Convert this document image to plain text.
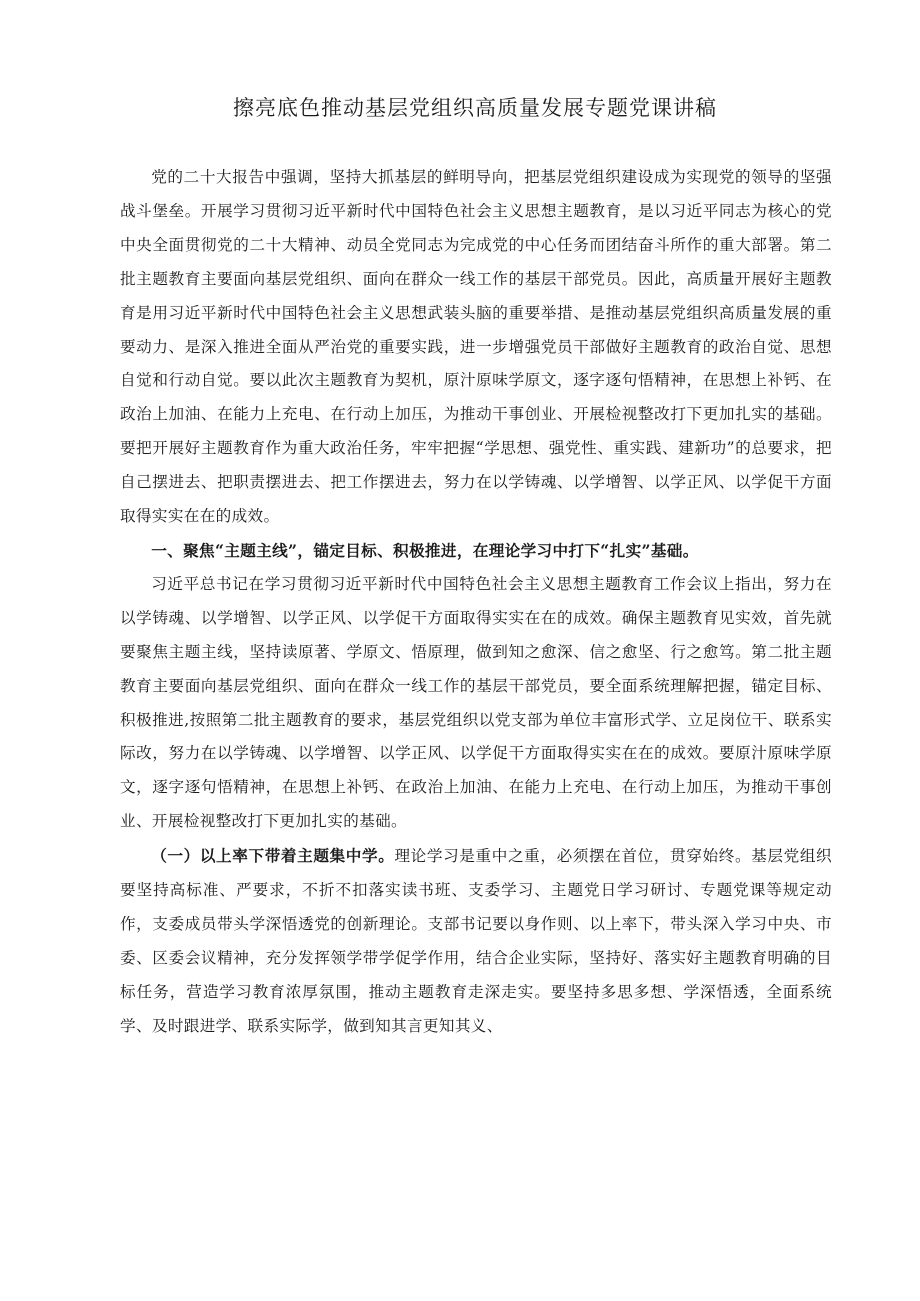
擦亮底色推动基层党组织高质量发展专题党课讲稿

党的二十大报告中强调，坚持大抓基层的鲜明导向，把基层党组织建设成为实现党的领导的坚强战斗堡垒。开展学习贯彻习近平新时代中国特色社会主义思想主题教育，是以习近平同志为核心的党中央全面贯彻党的二十大精神、动员全党同志为完成党的中心任务而团结奋斗所作的重大部署。第二批主题教育主要面向基层党组织、面向在群众一线工作的基层干部党员。因此，高质量开展好主题教育是用习近平新时代中国特色社会主义思想武装头脑的重要举措、是推动基层党组织高质量发展的重要动力、是深入推进全面从严治党的重要实践，进一步增强党员干部做好主题教育的政治自觉、思想自觉和行动自觉。要以此次主题教育为契机，原汁原味学原文，逐字逐句悟精神，在思想上补钙、在政治上加油、在能力上充电、在行动上加压，为推动干事创业、开展检视整改打下更加扎实的基础。要把开展好主题教育作为重大政治任务，牢牢把握“学思想、强党性、重实践、建新功”的总要求，把自己摆进去、把职责摆进去、把工作摆进去，努力在以学铸魂、以学增智、以学正风、以学促干方面取得实实在在的成效。

一、聚焦“主题主线”，锚定目标、积极推进，在理论学习中打下“扎实”基础。

习近平总书记在学习贯彻习近平新时代中国特色社会主义思想主题教育工作会议上指出，努力在以学铸魂、以学增智、以学正风、以学促干方面取得实实在在的成效。确保主题教育见实效，首先就要聚焦主题主线，坚持读原著、学原文、悟原理，做到知之愈深、信之愈坚、行之愈笃。第二批主题教育主要面向基层党组织、面向在群众一线工作的基层干部党员，要全面系统理解把握，锚定目标、积极推进,按照第二批主题教育的要求，基层党组织以党支部为单位丰富形式学、立足岗位干、联系实际改，努力在以学铸魂、以学增智、以学正风、以学促干方面取得实实在在的成效。要原汁原味学原文，逐字逐句悟精神，在思想上补钙、在政治上加油、在能力上充电、在行动上加压，为推动干事创业、开展检视整改打下更加扎实的基础。

（一）以上率下带着主题集中学。理论学习是重中之重，必须摆在首位，贯穿始终。基层党组织要坚持高标准、严要求，不折不扣落实读书班、支委学习、主题党日学习研讨、专题党课等规定动作，支委成员带头学深悟透党的创新理论。支部书记要以身作则、以上率下，带头深入学习中央、市委、区委会议精神，充分发挥领学带学促学作用，结合企业实际，坚持好、落实好主题教育明确的目标任务，营造学习教育浓厚氛围，推动主题教育走深走实。要坚持多思多想、学深悟透，全面系统学、及时跟进学、联系实际学，做到知其言更知其义、
